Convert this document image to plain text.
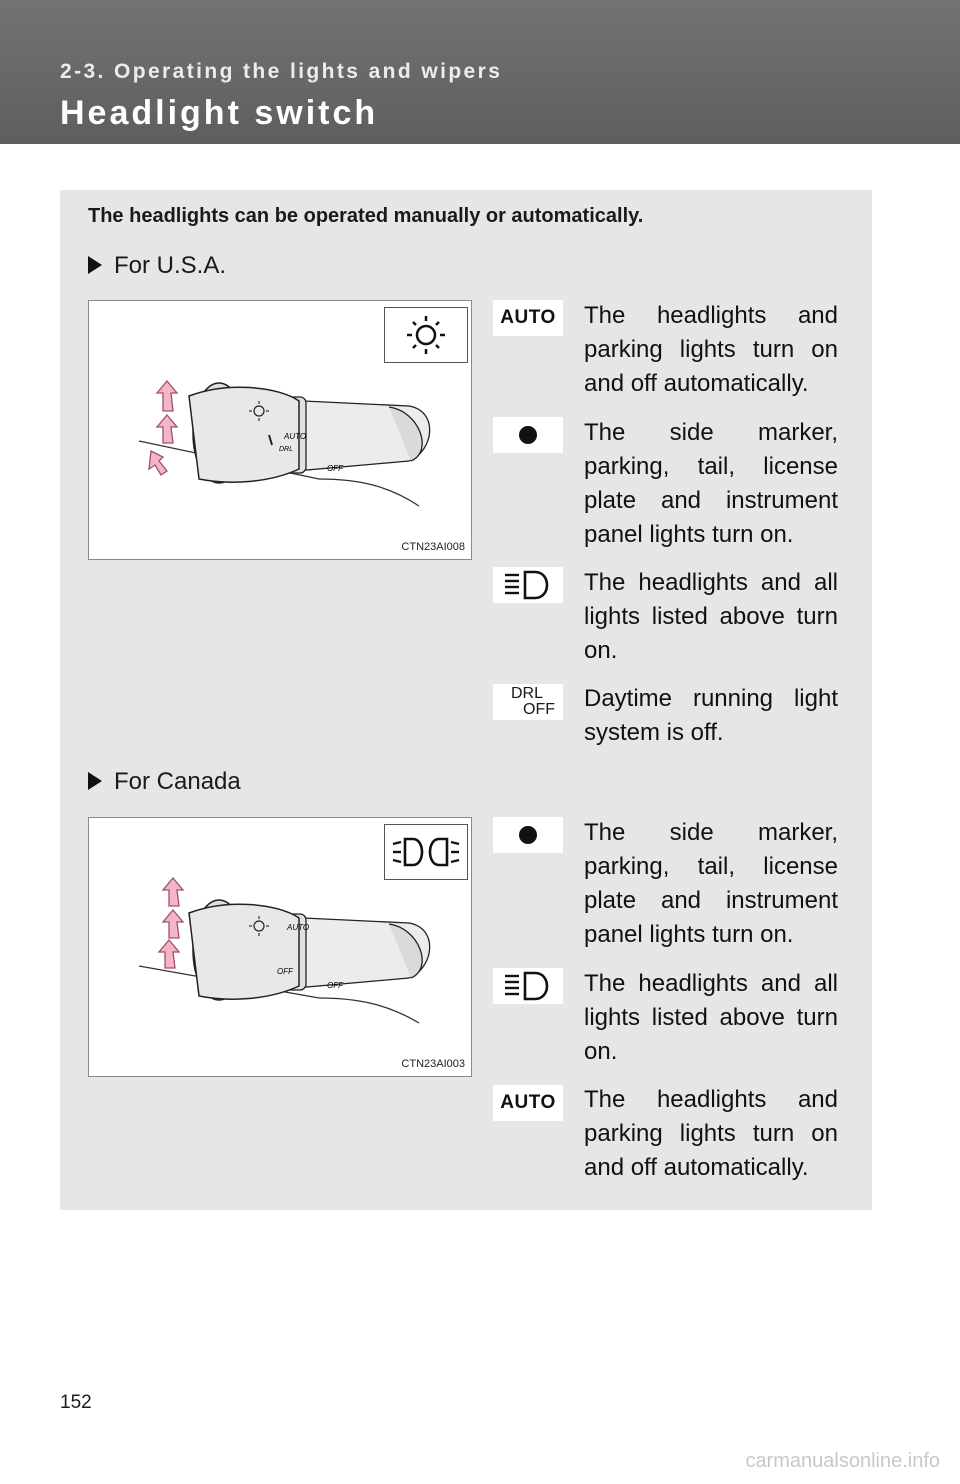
2-3. Operating the lights and wipers
Headlight switch
The headlights can be operated manually or automatically.
For U.S.A.
AUTO
DRL
OFF
CTN23AI008
AUTO	The headlights and parking lights turn on and off automatically.
The side marker, parking, tail, license plate and instrument panel lights turn on.
The headlights and all lights listed above turn on.
DRL
OFF Daytime running light system is off.
For Canada
AUTO
OFF
OFF
CTN23AI003
The side marker, parking, tail, license plate and instrument panel lights turn on.
The headlights and all lights listed above turn on.
AUTO	The headlights and parking lights turn on and off automatically.
152
carmanualsonline.info
